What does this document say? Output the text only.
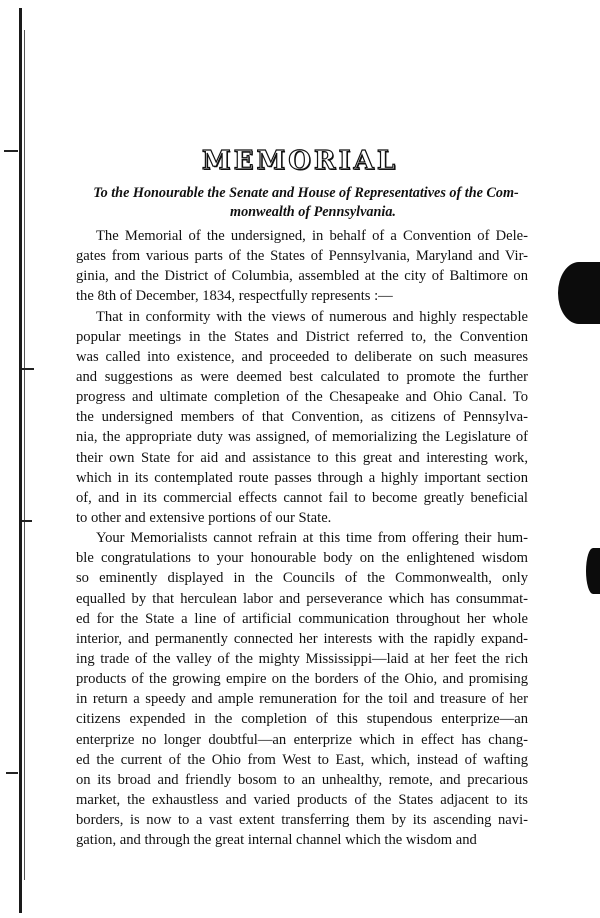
MEMORIAL
To the Honourable the Senate and House of Representatives of the Com-
monwealth of Pennsylvania.
The Memorial of the undersigned, in behalf of a Convention of Dele-
gates from various parts of the States of Pennsylvania, Maryland and Vir-
ginia, and the District of Columbia, assembled at the city of Baltimore on
the 8th of December, 1834, respectfully represents :—
That in conformity with the views of numerous and highly respectable
popular meetings in the States and District referred to, the Convention
was called into existence, and proceeded to deliberate on such measures
and suggestions as were deemed best calculated to promote the further
progress and ultimate completion of the Chesapeake and Ohio Canal. To
the undersigned members of that Convention, as citizens of Pennsylva-
nia, the appropriate duty was assigned, of memorializing the Legislature of
their own State for aid and assistance to this great and interesting work,
which in its contemplated route passes through a highly important section
of, and in its commercial effects cannot fail to become greatly beneficial
to other and extensive portions of our State.
Your Memorialists cannot refrain at this time from offering their hum-
ble congratulations to your honourable body on the enlightened wisdom
so eminently displayed in the Councils of the Commonwealth, only
equalled by that herculean labor and perseverance which has consummat-
ed for the State a line of artificial communication throughout her whole
interior, and permanently connected her interests with the rapidly expand-
ing trade of the valley of the mighty Mississippi—laid at her feet the rich
products of the growing empire on the borders of the Ohio, and promising
in return a speedy and ample remuneration for the toil and treasure of her
citizens expended in the completion of this stupendous enterprize—an
enterprize no longer doubtful—an enterprize which in effect has chang-
ed the current of the Ohio from West to East, which, instead of wafting
on its broad and friendly bosom to an unhealthy, remote, and precarious
market, the exhaustless and varied products of the States adjacent to its
borders, is now to a vast extent transferring them by its ascending navi-
gation, and through the great internal channel which the wisdom and
